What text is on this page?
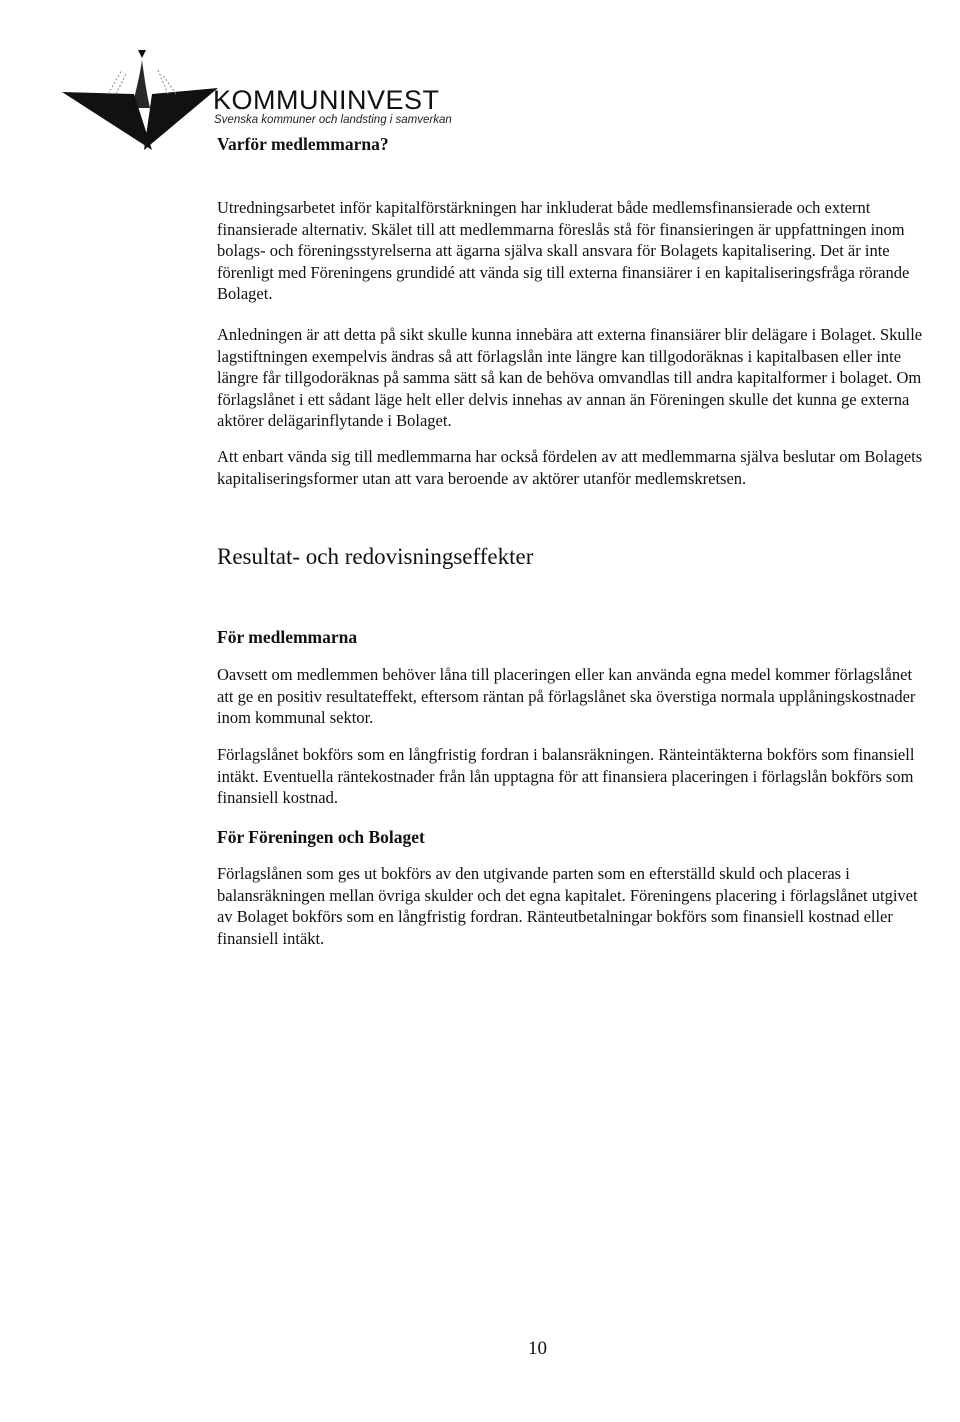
KOMMUNINVEST
Svenska kommuner och landsting i samverkan
Varför medlemmarna?

Utredningsarbetet inför kapitalförstärkningen har inkluderat både medlemsfinansierade och externt finansierade alternativ. Skälet till att medlemmarna föreslås stå för finansieringen är uppfattningen inom bolags- och föreningsstyrelserna att ägarna själva skall ansvara för Bolagets kapitalisering. Det är inte förenligt med Föreningens grundidé att vända sig till externa finansiärer i en kapitaliseringsfråga rörande Bolaget.

Anledningen är att detta på sikt skulle kunna innebära att externa finansiärer blir delägare i Bolaget. Skulle lagstiftningen exempelvis ändras så att förlagslån inte längre kan tillgodoräknas i kapitalbasen eller inte längre får tillgodoräknas på samma sätt så kan de behöva omvandlas till andra kapitalformer i bolaget. Om förlagslånet i ett sådant läge helt eller delvis innehas av annan än Föreningen skulle det kunna ge externa aktörer delägarinflytande i Bolaget.

Att enbart vända sig till medlemmarna har också fördelen av att medlemmarna själva beslutar om Bolagets kapitaliseringsformer utan att vara beroende av aktörer utanför medlemskretsen.

Resultat- och redovisningseffekter
För medlemmarna

Oavsett om medlemmen behöver låna till placeringen eller kan använda egna medel kommer förlagslånet att ge en positiv resultateffekt, eftersom räntan på förlagslånet ska överstiga normala upplåningskostnader inom kommunal sektor.

Förlagslånet bokförs som en långfristig fordran i balansräkningen. Ränteintäkterna bokförs som finansiell intäkt. Eventuella räntekostnader från lån upptagna för att finansiera placeringen i förlagslån bokförs som finansiell kostnad.

För Föreningen och Bolaget

Förlagslånen som ges ut bokförs av den utgivande parten som en efterställd skuld och placeras i balansräkningen mellan övriga skulder och det egna kapitalet. Föreningens placering i förlagslånet utgivet av Bolaget bokförs som en långfristig fordran. Ränteutbetalningar bokförs som finansiell kostnad eller finansiell intäkt.

10
